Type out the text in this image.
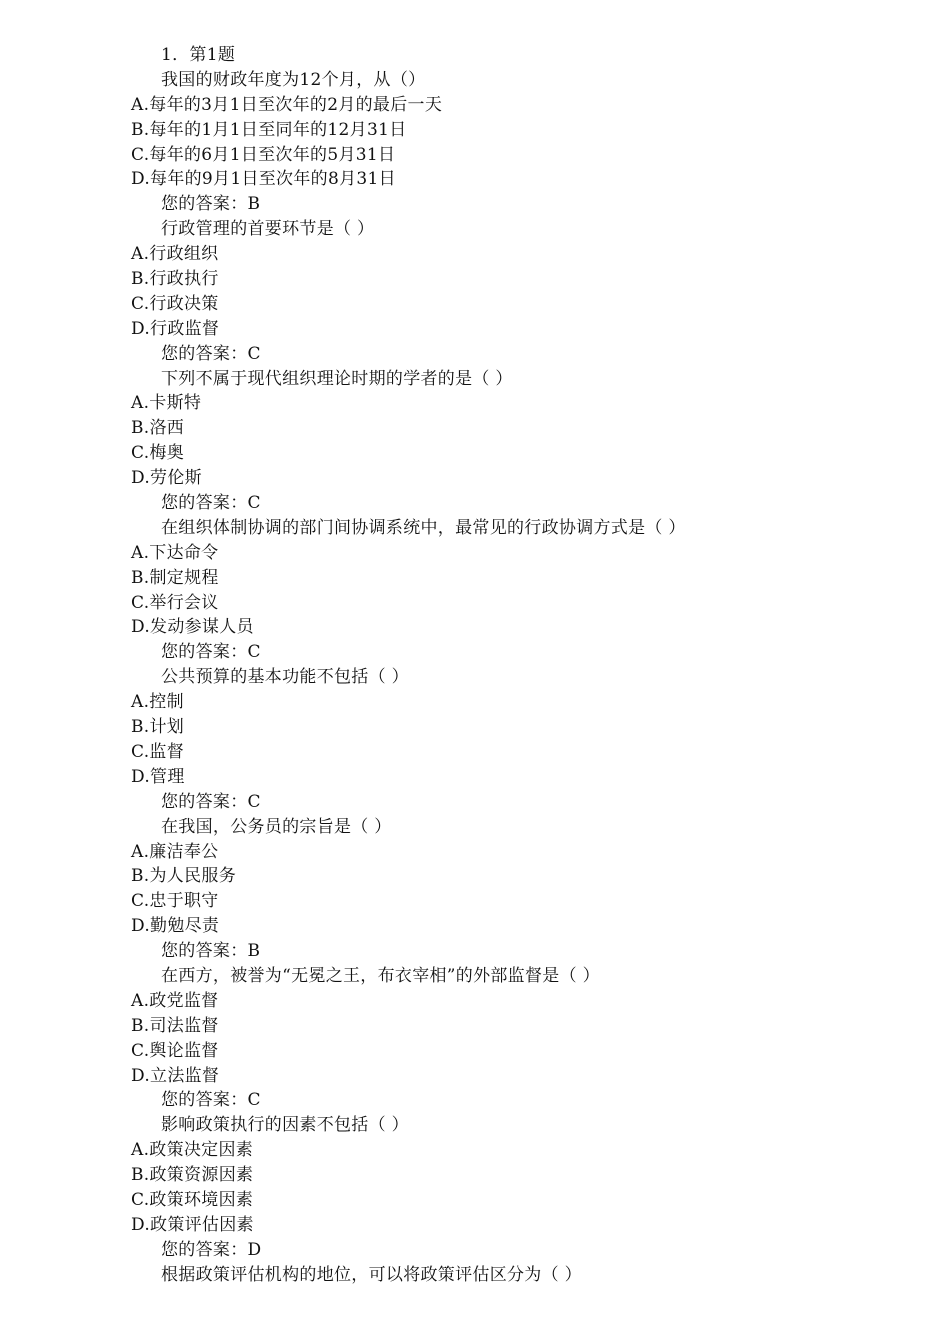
1．第1题
我国的财政年度为12个月，从（）
A.每年的3月1日至次年的2月的最后一天
B.每年的1月1日至同年的12月31日
C.每年的6月1日至次年的5月31日
D.每年的9月1日至次年的8月31日
您的答案：B
行政管理的首要环节是（ ）
A.行政组织
B.行政执行
C.行政决策
D.行政监督
您的答案：C
下列不属于现代组织理论时期的学者的是（ ）
A.卡斯特
B.洛西
C.梅奥
D.劳伦斯
您的答案：C
在组织体制协调的部门间协调系统中，最常见的行政协调方式是（ ）
A.下达命令
B.制定规程
C.举行会议
D.发动参谋人员
您的答案：C
公共预算的基本功能不包括（ ）
A.控制
B.计划
C.监督
D.管理
您的答案：C
在我国，公务员的宗旨是（ ）
A.廉洁奉公
B.为人民服务
C.忠于职守
D.勤勉尽责
您的答案：B
在西方，被誉为“无冕之王，布衣宰相”的外部监督是（ ）
A.政党监督
B.司法监督
C.舆论监督
D.立法监督
您的答案：C
影响政策执行的因素不包括（ ）
A.政策决定因素
B.政策资源因素
C.政策环境因素
D.政策评估因素
您的答案：D
根据政策评估机构的地位，可以将政策评估区分为（ ）
